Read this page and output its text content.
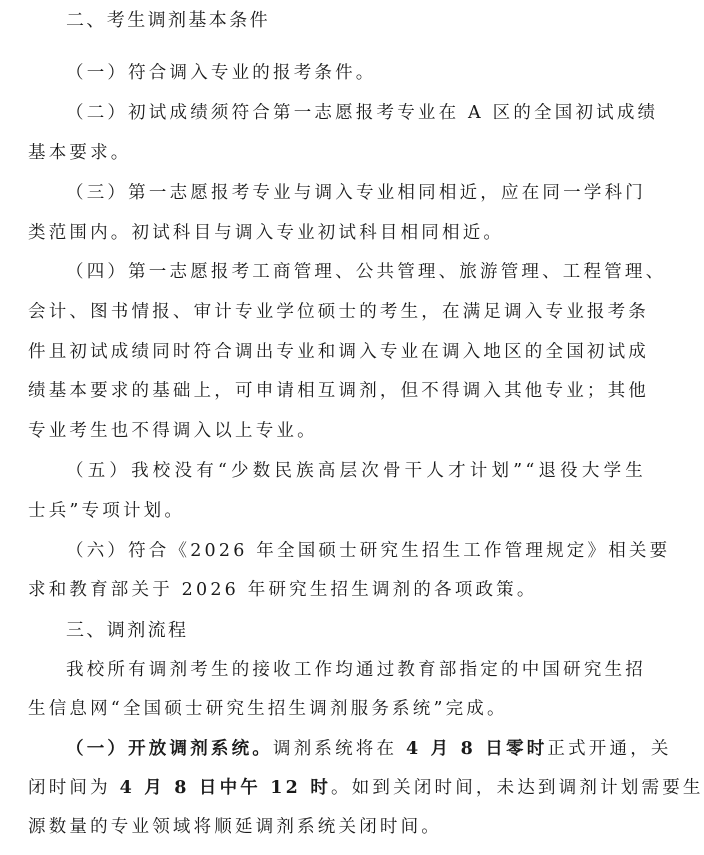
二、考生调剂基本条件
（一）符合调入专业的报考条件。
（二）初试成绩须符合第一志愿报考专业在 A 区的全国初试成绩
基本要求。
（三）第一志愿报考专业与调入专业相同相近，应在同一学科门
类范围内。初试科目与调入专业初试科目相同相近。
（四）第一志愿报考工商管理、公共管理、旅游管理、工程管理、
会计、图书情报、审计专业学位硕士的考生，在满足调入专业报考条
件且初试成绩同时符合调出专业和调入专业在调入地区的全国初试成
绩基本要求的基础上，可申请相互调剂，但不得调入其他专业；其他
专业考生也不得调入以上专业。
（五）我校没有“少数民族高层次骨干人才计划”“退役大学生
士兵”专项计划。
（六）符合《2026 年全国硕士研究生招生工作管理规定》相关要
求和教育部关于 2026 年研究生招生调剂的各项政策。
三、调剂流程
我校所有调剂考生的接收工作均通过教育部指定的中国研究生招
生信息网“全国硕士研究生招生调剂服务系统”完成。
（一）开放调剂系统。调剂系统将在 4 月 8 日零时正式开通，关
闭时间为 4 月 8 日中午 12 时。如到关闭时间，未达到调剂计划需要生
源数量的专业领域将顺延调剂系统关闭时间。
